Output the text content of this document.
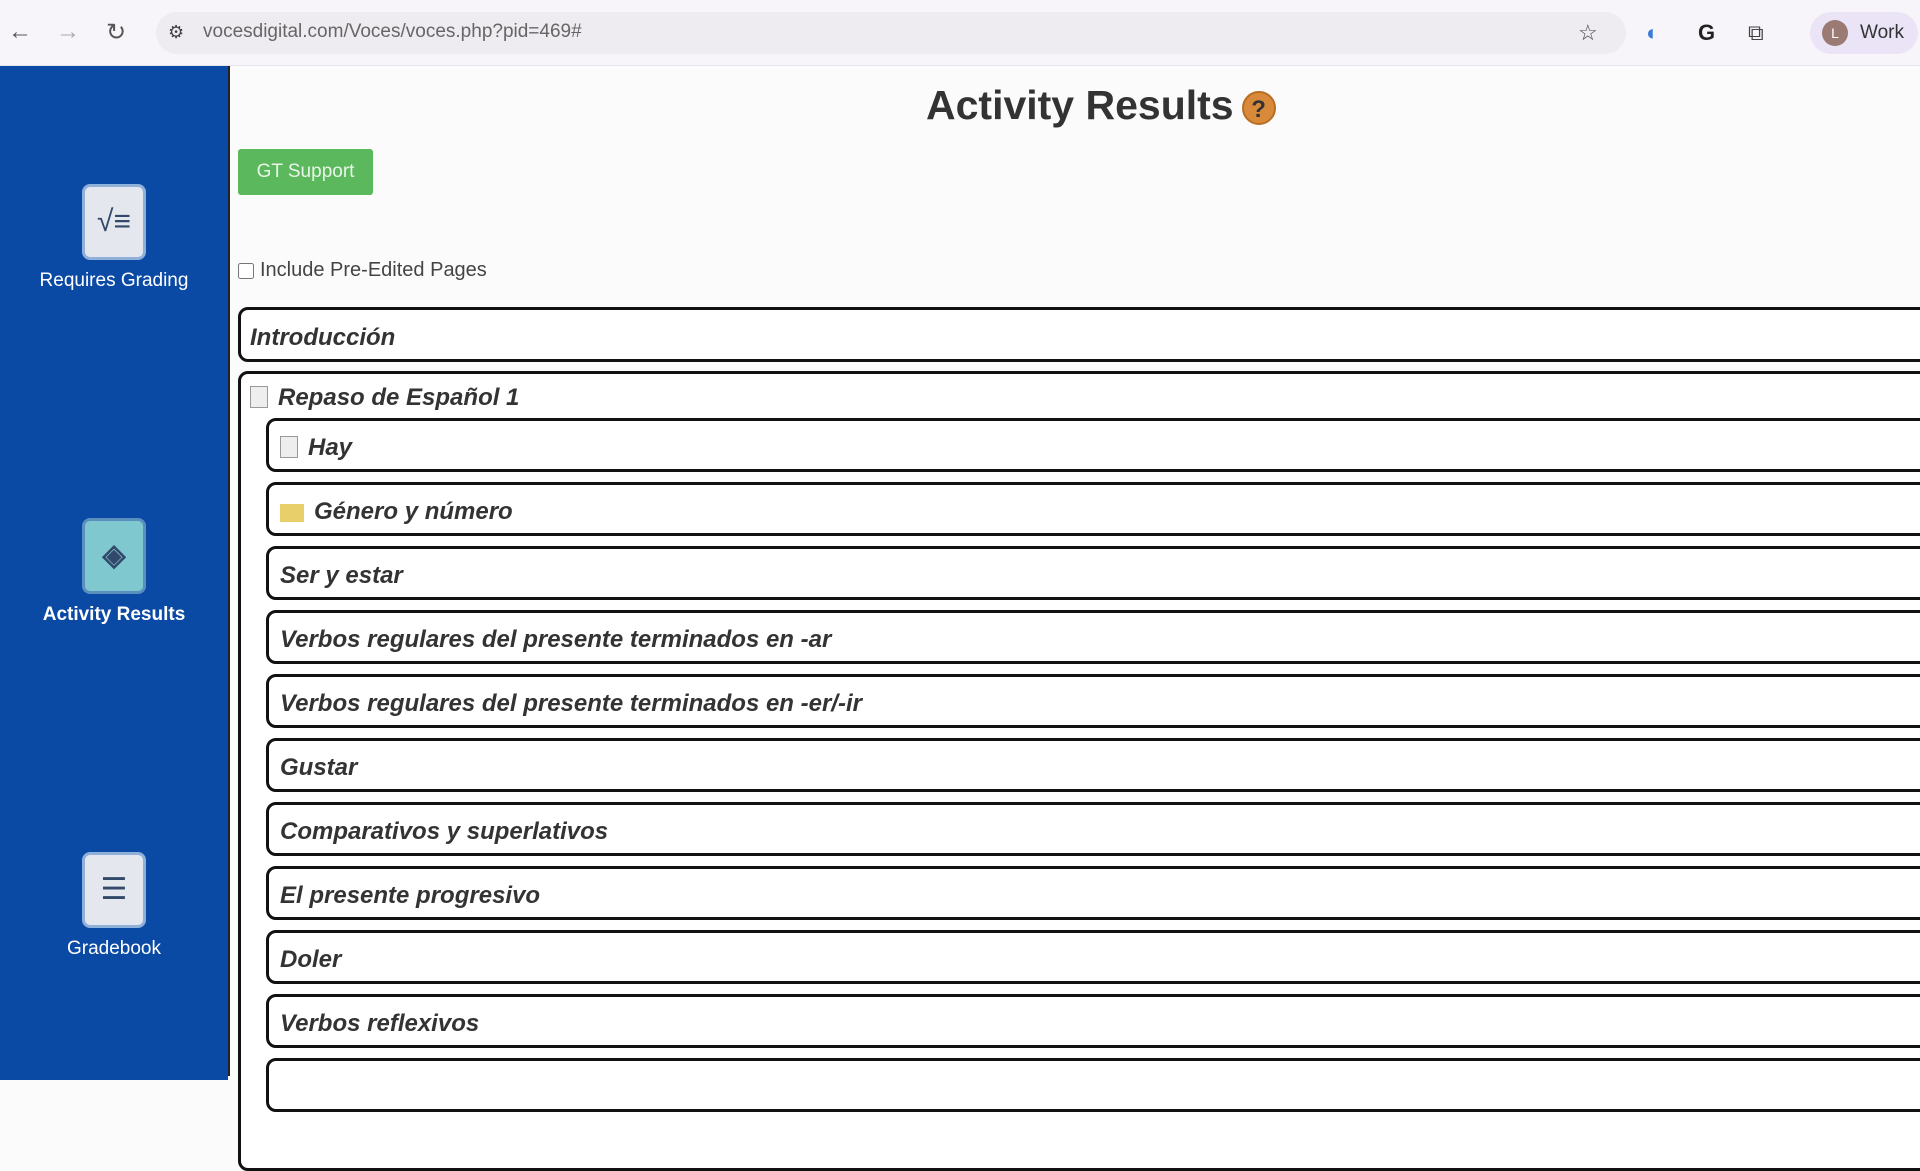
← → ↻ ⚙ vocesdigital.com/Voces/voces.php?pid=469#	☆ ◐ G ⧉	L	Work
√≡
Requires Grading
◈
Activity Results
☰
Gradebook
Activity Results ?
GT Support
Include Pre-Edited Pages
Introducción
Repaso de Español 1
Hay
Género y número
Ser y estar
Verbos regulares del presente terminados en -ar
Verbos regulares del presente terminados en -er/-ir
Gustar
Comparativos y superlativos
El presente progresivo
Doler
Verbos reflexivos
